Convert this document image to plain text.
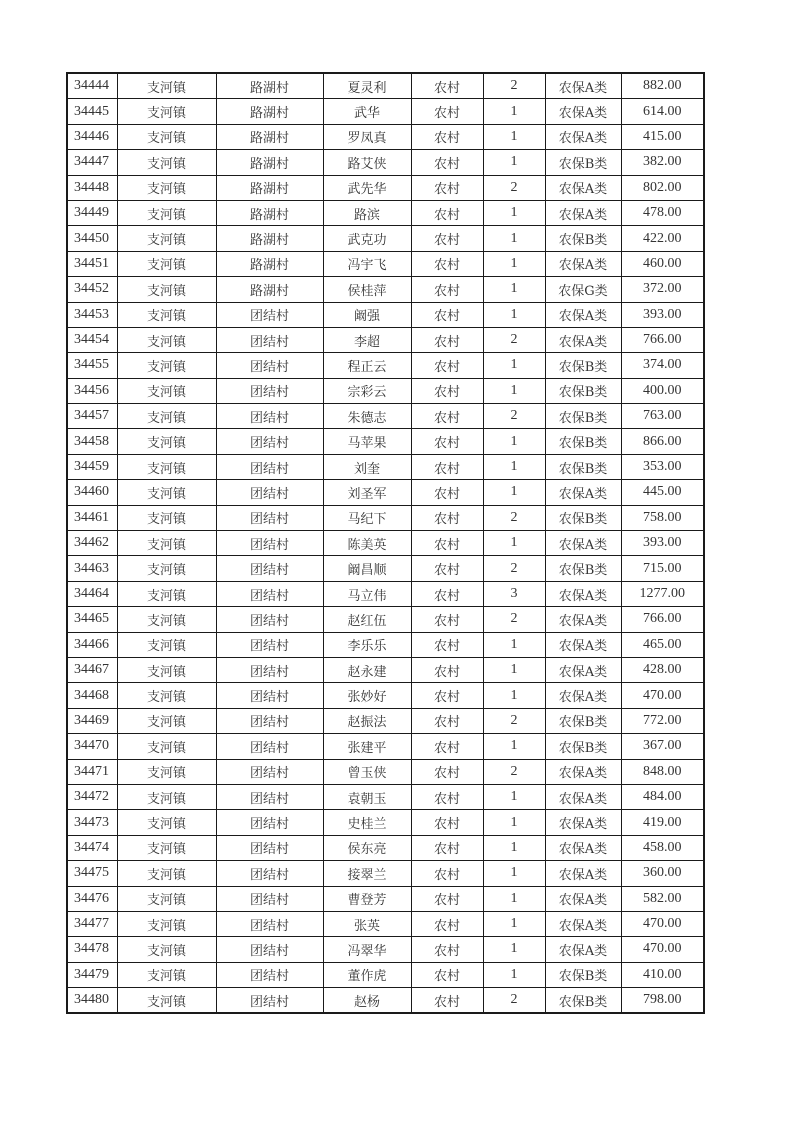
34444	支河镇	路湖村	夏灵利	农村	2	农保A类	882.00
34445	支河镇	路湖村	武华	农村	1	农保A类	614.00
34446	支河镇	路湖村	罗凤真	农村	1	农保A类	415.00
34447	支河镇	路湖村	路艾侠	农村	1	农保B类	382.00
34448	支河镇	路湖村	武先华	农村	2	农保A类	802.00
34449	支河镇	路湖村	路滨	农村	1	农保A类	478.00
34450	支河镇	路湖村	武克功	农村	1	农保B类	422.00
34451	支河镇	路湖村	冯宇飞	农村	1	农保A类	460.00
34452	支河镇	路湖村	侯桂萍	农村	1	农保G类	372.00
34453	支河镇	团结村	阚强	农村	1	农保A类	393.00
34454	支河镇	团结村	李超	农村	2	农保A类	766.00
34455	支河镇	团结村	程正云	农村	1	农保B类	374.00
34456	支河镇	团结村	宗彩云	农村	1	农保B类	400.00
34457	支河镇	团结村	朱德志	农村	2	农保B类	763.00
34458	支河镇	团结村	马苹果	农村	1	农保B类	866.00
34459	支河镇	团结村	刘奎	农村	1	农保B类	353.00
34460	支河镇	团结村	刘圣军	农村	1	农保A类	445.00
34461	支河镇	团结村	马纪下	农村	2	农保B类	758.00
34462	支河镇	团结村	陈美英	农村	1	农保A类	393.00
34463	支河镇	团结村	阚昌顺	农村	2	农保B类	715.00
34464	支河镇	团结村	马立伟	农村	3	农保A类	1277.00
34465	支河镇	团结村	赵红伍	农村	2	农保A类	766.00
34466	支河镇	团结村	李乐乐	农村	1	农保A类	465.00
34467	支河镇	团结村	赵永建	农村	1	农保A类	428.00
34468	支河镇	团结村	张妙好	农村	1	农保A类	470.00
34469	支河镇	团结村	赵振法	农村	2	农保B类	772.00
34470	支河镇	团结村	张建平	农村	1	农保B类	367.00
34471	支河镇	团结村	曾玉侠	农村	2	农保A类	848.00
34472	支河镇	团结村	袁朝玉	农村	1	农保A类	484.00
34473	支河镇	团结村	史桂兰	农村	1	农保A类	419.00
34474	支河镇	团结村	侯东亮	农村	1	农保A类	458.00
34475	支河镇	团结村	接翠兰	农村	1	农保A类	360.00
34476	支河镇	团结村	曹登芳	农村	1	农保A类	582.00
34477	支河镇	团结村	张英	农村	1	农保A类	470.00
34478	支河镇	团结村	冯翠华	农村	1	农保A类	470.00
34479	支河镇	团结村	董作虎	农村	1	农保B类	410.00
34480	支河镇	团结村	赵杨	农村	2	农保B类	798.00
